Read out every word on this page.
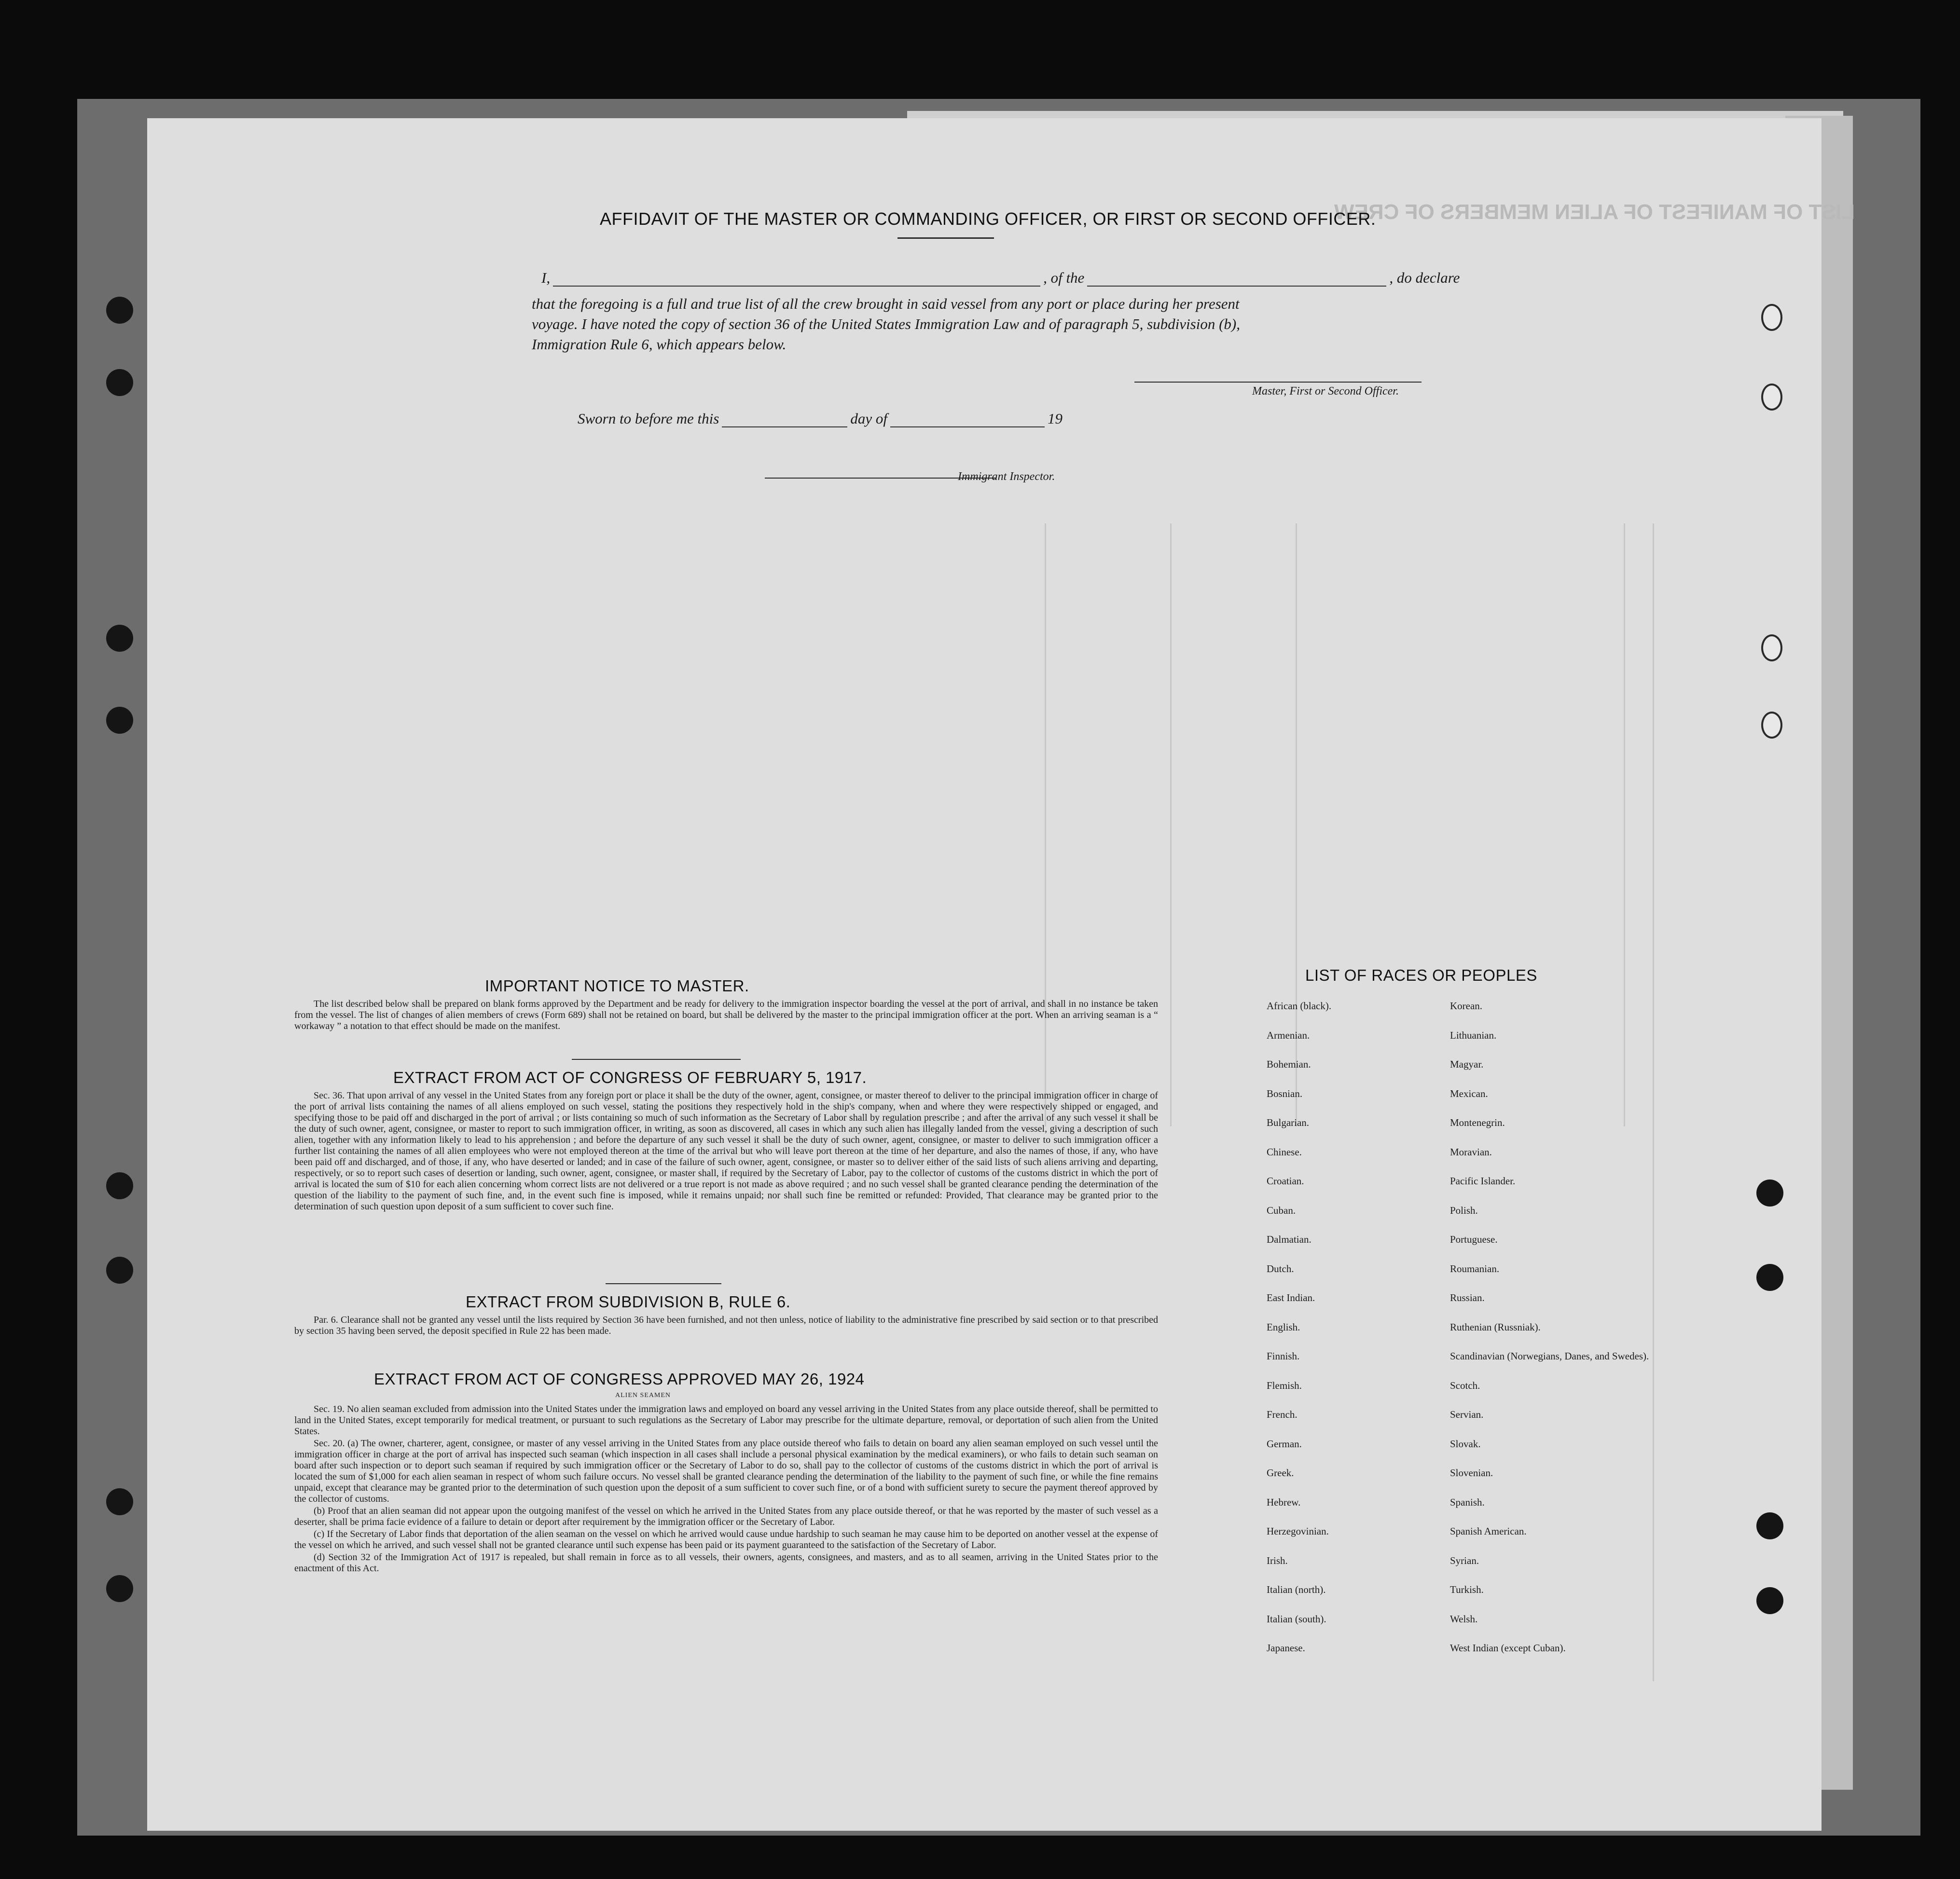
LIST OF MANIFEST OF ALIEN MEMBERS OF CREW
AFFIDAVIT OF THE MASTER OR COMMANDING OFFICER, OR FIRST OR SECOND OFFICER.
I,	, of the	, do declare
that the foregoing is a full and true list of all the crew brought in said vessel from any port or place during her present
voyage. I have noted the copy of section 36 of the United States Immigration Law and of paragraph 5, subdivision (b),
Immigration Rule 6, which appears below.
Master, First or Second Officer.
Sworn to before me this	day of	19
Immigrant Inspector.
IMPORTANT NOTICE TO MASTER.

The list described below shall be prepared on blank forms approved by the Department and be ready for delivery to the immigration inspector boarding the vessel at the port of arrival, and shall in no instance be taken from the vessel. The list of changes of alien members of crews (Form 689) shall not be retained on board, but shall be delivered by the master to the principal immigration officer at the port. When an arriving seaman is a “ workaway ” a notation to that effect should be made on the manifest.

EXTRACT FROM ACT OF CONGRESS OF FEBRUARY 5, 1917.

Sec. 36. That upon arrival of any vessel in the United States from any foreign port or place it shall be the duty of the owner, agent, consignee, or master thereof to deliver to the principal immigration officer in charge of the port of arrival lists containing the names of all aliens employed on such vessel, stating the positions they respectively hold in the ship's company, when and where they were respectively shipped or engaged, and specifying those to be paid off and discharged in the port of arrival ; or lists containing so much of such information as the Secretary of Labor shall by regulation prescribe ; and after the arrival of any such vessel it shall be the duty of such owner, agent, consignee, or master to report to such immigration officer, in writing, as soon as discovered, all cases in which any such alien has illegally landed from the vessel, giving a description of such alien, together with any information likely to lead to his apprehension ; and before the departure of any such vessel it shall be the duty of such owner, agent, consignee, or master to deliver to such immigration officer a further list containing the names of all alien employees who were not employed thereon at the time of the arrival but who will leave port thereon at the time of her departure, and also the names of those, if any, who have been paid off and discharged, and of those, if any, who have deserted or landed; and in case of the failure of such owner, agent, consignee, or master so to deliver either of the said lists of such aliens arriving and departing, respectively, or so to report such cases of desertion or landing, such owner, agent, consignee, or master shall, if required by the Secretary of Labor, pay to the collector of customs of the customs district in which the port of arrival is located the sum of $10 for each alien concerning whom correct lists are not delivered or a true report is not made as above required ; and no such vessel shall be granted clearance pending the determination of the question of the liability to the payment of such fine, and, in the event such fine is imposed, while it remains unpaid; nor shall such fine be remitted or refunded: Provided, That clearance may be granted prior to the determination of such question upon deposit of a sum sufficient to cover such fine.

EXTRACT FROM SUBDIVISION B, RULE 6.

Par. 6. Clearance shall not be granted any vessel until the lists required by Section 36 have been furnished, and not then unless, notice of liability to the administrative fine prescribed by said section or to that prescribed by section 35 having been served, the deposit specified in Rule 22 has been made.

EXTRACT FROM ACT OF CONGRESS APPROVED MAY 26, 1924
ALIEN SEAMEN

Sec. 19. No alien seaman excluded from admission into the United States under the immigration laws and employed on board any vessel arriving in the United States from any place outside thereof, shall be permitted to land in the United States, except temporarily for medical treatment, or pursuant to such regulations as the Secretary of Labor may prescribe for the ultimate departure, removal, or deportation of such alien from the United States.

Sec. 20. (a) The owner, charterer, agent, consignee, or master of any vessel arriving in the United States from any place outside thereof who fails to detain on board any alien seaman employed on such vessel until the immigration officer in charge at the port of arrival has inspected such seaman (which inspection in all cases shall include a personal physical examination by the medical examiners), or who fails to detain such seaman on board after such inspection or to deport such seaman if required by such immigration officer or the Secretary of Labor to do so, shall pay to the collector of customs of the customs district in which the port of arrival is located the sum of $1,000 for each alien seaman in respect of whom such failure occurs. No vessel shall be granted clearance pending the determination of the liability to the payment of such fine, or while the fine remains unpaid, except that clearance may be granted prior to the determination of such question upon the deposit of a sum sufficient to cover such fine, or of a bond with sufficient surety to secure the payment thereof approved by the collector of customs.

(b) Proof that an alien seaman did not appear upon the outgoing manifest of the vessel on which he arrived in the United States from any place outside thereof, or that he was reported by the master of such vessel as a deserter, shall be prima facie evidence of a failure to detain or deport after requirement by the immigration officer or the Secretary of Labor.

(c) If the Secretary of Labor finds that deportation of the alien seaman on the vessel on which he arrived would cause undue hardship to such seaman he may cause him to be deported on another vessel at the expense of the vessel on which he arrived, and such vessel shall not be granted clearance until such expense has been paid or its payment guaranteed to the satisfaction of the Secretary of Labor.

(d) Section 32 of the Immigration Act of 1917 is repealed, but shall remain in force as to all vessels, their owners, agents, consignees, and masters, and as to all seamen, arriving in the United States prior to the enactment of this Act.

LIST OF RACES OR PEOPLES
African (black).
Armenian.
Bohemian.
Bosnian.
Bulgarian.
Chinese.
Croatian.
Cuban.
Dalmatian.
Dutch.
East Indian.
English.
Finnish.
Flemish.
French.
German.
Greek.
Hebrew.
Herzegovinian.
Irish.
Italian (north).
Italian (south).
Japanese.
Korean.
Lithuanian.
Magyar.
Mexican.
Montenegrin.
Moravian.
Pacific Islander.
Polish.
Portuguese.
Roumanian.
Russian.
Ruthenian (Russniak).
Scandinavian (Norwegians, Danes, and Swedes).
Scotch.
Servian.
Slovak.
Slovenian.
Spanish.
Spanish American.
Syrian.
Turkish.
Welsh.
West Indian (except Cuban).
